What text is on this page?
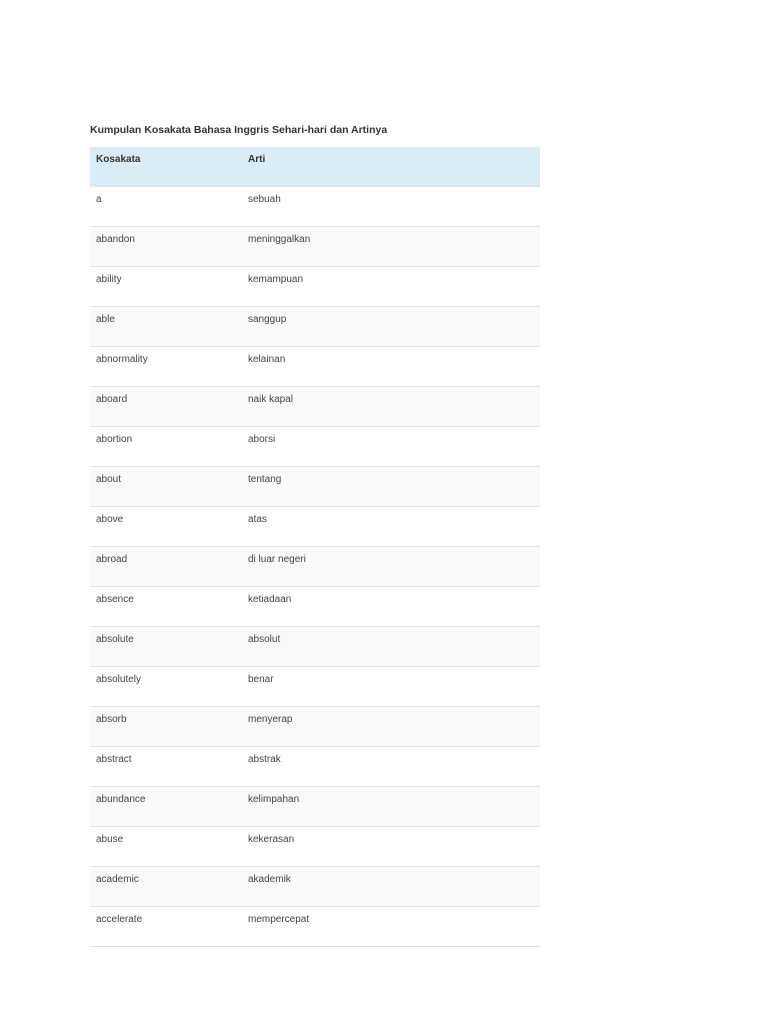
Kumpulan Kosakata Bahasa Inggris Sehari-hari dan Artinya
Kosakata	Arti
a	sebuah
abandon	meninggalkan
ability	kemampuan
able	sanggup
abnormality	kelainan
aboard	naik kapal
abortion	aborsi
about	tentang
above	atas
abroad	di luar negeri
absence	ketiadaan
absolute	absolut
absolutely	benar
absorb	menyerap
abstract	abstrak
abundance	kelimpahan
abuse	kekerasan
academic	akademik
accelerate	mempercepat
